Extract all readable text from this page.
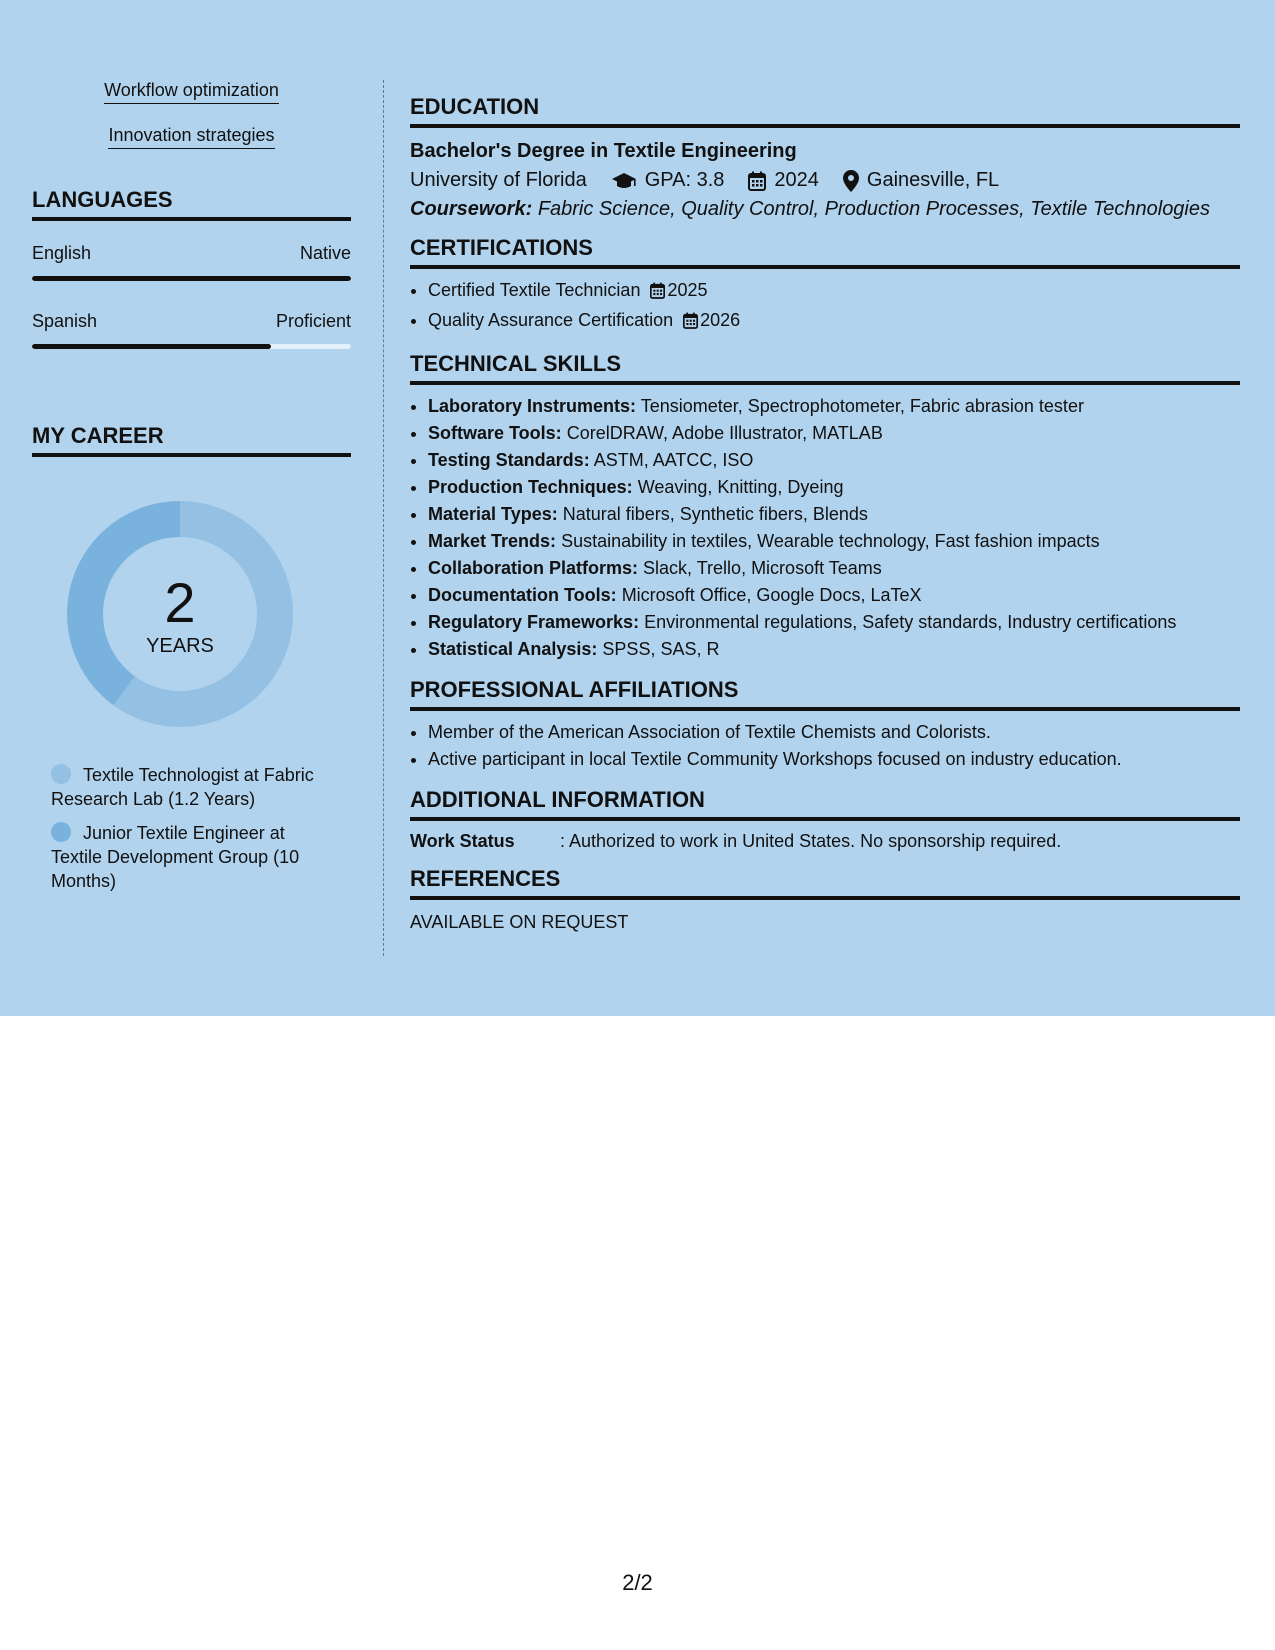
Workflow optimization
Innovation strategies
LANGUAGES
English	Native
Spanish	Proficient
MY CAREER
2
YEARS
Textile Technologist at Fabric Research Lab (1.2 Years)
Junior Textile Engineer at Textile Development Group (10 Months)
EDUCATION
Bachelor's Degree in Textile Engineering
University of Florida	GPA: 3.8	2024 Gainesville, FL
Coursework: Fabric Science, Quality Control, Production Processes, Textile Technologies
CERTIFICATIONS
• Certified Textile Technician 2025
• Quality Assurance Certification 2026
TECHNICAL SKILLS
• Laboratory Instruments: Tensiometer, Spectrophotometer, Fabric abrasion tester
• Software Tools: CorelDRAW, Adobe Illustrator, MATLAB
• Testing Standards: ASTM, AATCC, ISO
• Production Techniques: Weaving, Knitting, Dyeing
• Material Types: Natural fibers, Synthetic fibers, Blends
• Market Trends: Sustainability in textiles, Wearable technology, Fast fashion impacts
• Collaboration Platforms: Slack, Trello, Microsoft Teams
• Documentation Tools: Microsoft Office, Google Docs, LaTeX
• Regulatory Frameworks: Environmental regulations, Safety standards, Industry certifications
• Statistical Analysis: SPSS, SAS, R
PROFESSIONAL AFFILIATIONS
• Member of the American Association of Textile Chemists and Colorists.
• Active participant in local Textile Community Workshops focused on industry education.
ADDITIONAL INFORMATION
Work Status	: Authorized to work in United States. No sponsorship required.
REFERENCES
AVAILABLE ON REQUEST
2/2
